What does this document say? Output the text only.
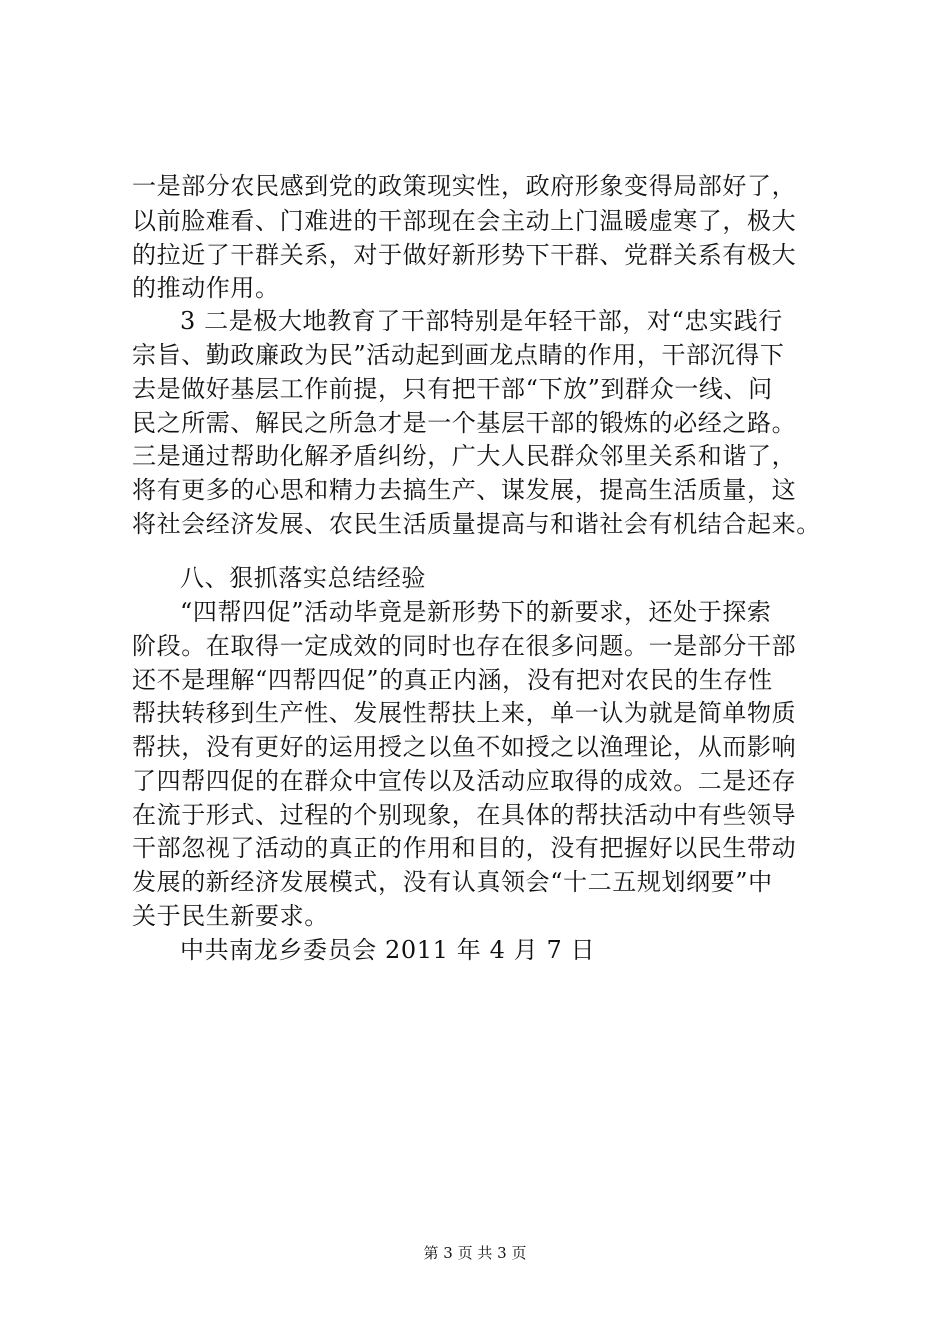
一是部分农民感到党的政策现实性，政府形象变得局部好了，
以前脸难看、门难进的干部现在会主动上门温暖虚寒了，极大
的拉近了干群关系，对于做好新形势下干群、党群关系有极大
的推动作用。
3 二是极大地教育了干部特别是年轻干部，对“忠实践行
宗旨、勤政廉政为民”活动起到画龙点睛的作用，干部沉得下
去是做好基层工作前提，只有把干部“下放”到群众一线、问
民之所需、解民之所急才是一个基层干部的锻炼的必经之路。
三是通过帮助化解矛盾纠纷，广大人民群众邻里关系和谐了，
将有更多的心思和精力去搞生产、谋发展，提高生活质量，这
将社会经济发展、农民生活质量提高与和谐社会有机结合起来。
八、狠抓落实总结经验
“四帮四促”活动毕竟是新形势下的新要求，还处于探索
阶段。在取得一定成效的同时也存在很多问题。一是部分干部
还不是理解“四帮四促”的真正内涵，没有把对农民的生存性
帮扶转移到生产性、发展性帮扶上来，单一认为就是简单物质
帮扶，没有更好的运用授之以鱼不如授之以渔理论，从而影响
了四帮四促的在群众中宣传以及活动应取得的成效。二是还存
在流于形式、过程的个别现象，在具体的帮扶活动中有些领导
干部忽视了活动的真正的作用和目的，没有把握好以民生带动
发展的新经济发展模式，没有认真领会“十二五规划纲要”中
关于民生新要求。
中共南龙乡委员会 2011 年 4 月 7 日
第 3 页 共 3 页
